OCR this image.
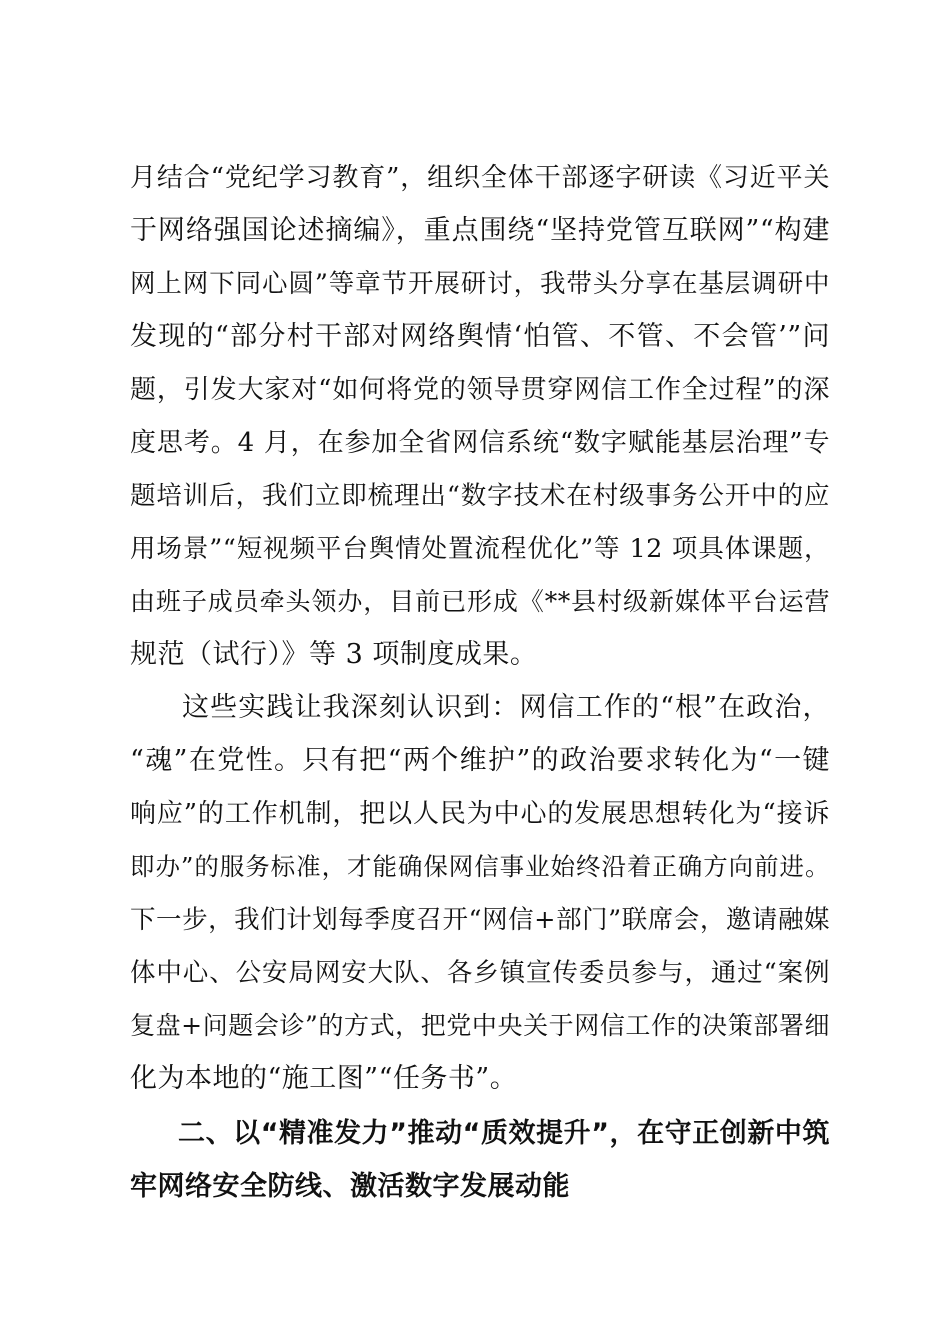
月结合“党纪学习教育”，组织全体干部逐字研读《习近平关
于网络强国论述摘编》，重点围绕“坚持党管互联网”“构建
网上网下同心圆”等章节开展研讨，我带头分享在基层调研中
发现的“部分村干部对网络舆情‘怕管、不管、不会管’”问
题，引发大家对“如何将党的领导贯穿网信工作全过程”的深
度思考。4 月，在参加全省网信系统“数字赋能基层治理”专
题培训后，我们立即梳理出“数字技术在村级事务公开中的应
用场景”“短视频平台舆情处置流程优化”等 12 项具体课题，
由班子成员牵头领办，目前已形成《**县村级新媒体平台运营
规范（试行）》等 3 项制度成果。
这些实践让我深刻认识到：网信工作的“根”在政治，
“魂”在党性。只有把“两个维护”的政治要求转化为“一键
响应”的工作机制，把以人民为中心的发展思想转化为“接诉
即办”的服务标准，才能确保网信事业始终沿着正确方向前进。
下一步，我们计划每季度召开“网信+部门”联席会，邀请融媒
体中心、公安局网安大队、各乡镇宣传委员参与，通过“案例
复盘+问题会诊”的方式，把党中央关于网信工作的决策部署细
化为本地的“施工图”“任务书”。
二、以“精准发力”推动“质效提升”，在守正创新中筑
牢网络安全防线、激活数字发展动能
